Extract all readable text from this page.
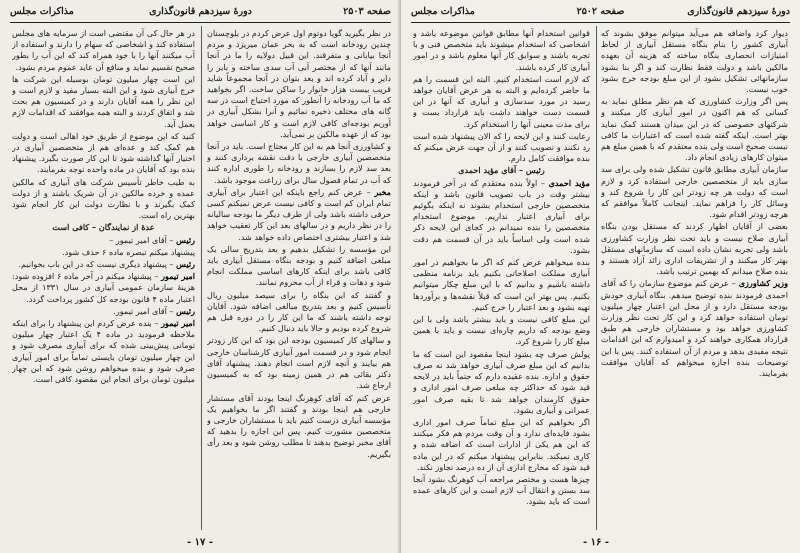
صفحه ۲۵۰۳
دورهٔ سیزدهم قانون‌گذاری
مذاکرات مجلس

در نظر بگیرید گویا دوتوم اول عرض کردم در بلوچستان چندین رودخانه است که به بحر عمان میریزد و مردم آنجا بیابانی و متفرقند. این قبیل دولایه را ما در آنجا مانند آنها که از مختصر آبی آب سدی ساخته و بایر را دایر و آباد کرده اند و بعد بتوان در آنجا مجموعاً شاید قریب بیست هزار خانوار را ساکن ساخت. اگر بخواهید که ما آب رودخانه را آنطور که مورد احتیاج است در سه گانه های مختلف ذخیره نمائیم و آنرا بشکل آبیاری در آوریم بودجه‌ای کافی لازم است و کار اساسی خواهد بود که از عهده مالکین بر نمی‌آید.

و کشاورزی آنجا هم به این کار محتاج است. باید در آنجا متخصصین آبیاری خارجی با دقت نقشه برداری کنند و بعد سد لازم را بسازند و رودخانه را طوری اداره کنند که آب در تمام فصول سال برای زراعت موجود باشد.

مخبر – عرض کنم راجع باینکه این اعتبار برای آبیاری تمام ایران کم است و کافی نیست عرض نمیکنم کسی حرفی داشته باشد ولی از طرف دیگر ما بودجه سالیانه را در نظر داریم و در سالهای بعد این کار تعقیب خواهد شد و اعتبار بیشتری اختصاص داده خواهد شد.

این مؤسسه را تشکیل بدهیم و بعد بتدریج سالی یک مبلغی اضافه کنیم و بودجه بنگاه مستقل آبیاری باید کافی باشد برای اینکه کارهای اساسی مملکت انجام شود و دهات و قراء از آب محروم نمانند.

و گفتند که این بنگاه را برای سیصد میلیون ریال تأسیس کنیم و بعد بتدریج مبالغی اضافه شود. آقایان توجه داشته باشند که ما این کار را در دوره قبل هم شروع کرده بودیم و حالا باید دنبال کنیم.

و سالهای کار کمیسیون بودجه این بود که این کار زودتر انجام شود و در قسمت امور آبیاری کارشناسان خارجی هم بیایند و آنچه لازم است انجام دهند. پیشنهاد آقای دکتر بقائی هم در همین زمینه بود که به کمیسیون ارجاع شد.

عرض کنم که آقای کوهرنگ اینجا بودند آقای مستشار خارجی هم اینجا بودند و گفتند اگر ما بخواهیم یک مؤسسه آبیاری درست کنیم باید با مستشاران خارجی و متخصصین مشورت کنیم. پس این اجازه را بدهید که آقای مخبر توضیح بدهند تا مطلب روشن شود و بعد رأی بگیریم.

در هر حال کی آن مقتضی است از سرمایه های مجلس استفاده کند و اشخاصی که سهام را دارند و استفاده از آب میکنند آنها را با خود همراه کند که این آب را بطور صحیح تقسیم نماید و منافع آن عاید عموم مردم بشود.

این است چهار میلیون تومان بوسیله این شرکت ها خرج آبیاری شود و این البته بسیار مفید و لازم است و این نظر را همه آقایان دارند و در کمیسیون هم بحث شد و اتفاق کردند و البته همه موافقند که اقدامات لازم بعمل آید.

کنید که این موضوع از طریق خود اهالی است و دولت هم کمک کند و عده‌ای هم از متخصصین آبیاری در اختیار آنها گذاشته شود تا این کار صورت بگیرد. پیشنهاد بنده بود که آقایان در ماده واحده توجه بفرمایند.

به طیب خاطر تأسیس شرکت های آبیاری که مالکین عمده و خرده مالکین در آن شریک باشند و از دولت کمک بگیرند و با نظارت دولت این کار انجام شود بهترین راه است.

عدهٔ از نمایندگان – کافی است

رئیس – آقای امیر تیمور –

پیشنهاد میکنم تبصره ماده ۶ حذف شود.

رئیس – پیشنهاد دیگری نیست که در این باب بخوانیم.

امیر تیمور – پیشنهاد میکنم در آخر ماده ۶ افزوده شود: هزینهٔ سازمان عمومی آبیاری در سال ۱۳۳۱ از محل اعتبار ماده ۴ قانون بودجه کل کشور پرداخت گردد.

رئیس – آقای امیر تیمور.

امیر تیمور – بنده عرض کردم این پیشنهاد را برای اینکه ملاحظه فرمودید در ماده ۴ یک اعتبار چهار میلیون تومانی پیش‌بینی شده که برای آبیاری مصرف شود و این چهار میلیون تومان بایستی تماماً برای امور آبیاری صرف شود و بنده میخواهم روشن شود که این چهار میلیون تومان برای انجام این مقصود کافی است.

- ۱۷ -
دورهٔ سیزدهم قانون‌گذاری
صفحه ۲۵۰۲
مذاکرات مجلس

دیوار کرد واضافه هم می‌آید میتوانم موفق بشوند که آبیاری کشور را بنام بنگاه مستقل آبیاری از لحاظ امتیازات انحصاری بنگاه ساخته که هزینه آن بعهده مالکین باشد و دولت فقط نظارت کند و اگر بنا بشود سازمانهائی تشکیل بشود از این مبلغ بودجه خرج بشود خوب نیست.

پس اگر وزارت کشاورزی که هم نظر مطلق نماید به کسانی که هم اکنون در امور آبیاری کار میکنند و شرکتهای خصوصی که در این میدان هستند کمک نماید بهتر است. اینکه گفته شده است که اعتبارات ما کافی نیست صحیح است ولی بنده معتقدم که با همین مبلغ هم میتوان کارهای زیادی انجام داد.

سازمان آبیاری مطابق قانون تشکیل شده ولی برای سد سازی باید از متخصصین خارجی استفاده کرد و لازم است که دولت هر چه زودتر این کار را شروع کند و وسائل کار را فراهم نماید. اینجانب کاملاً موافقم که هرچه زودتر اقدام شود.

بعضی از آقایان اظهار کردند که مستقل بودن بنگاه آبیاری صلاح نیست و باید تحت نظر وزارت کشاورزی باشد ولی تجربه نشان داده است که سازمانهای مستقل بهتر کار میکنند و از تشریفات اداری زائد آزاد هستند و بنده صلاح میدانم که بهمین ترتیب باشد.

وزیر کشاورزی – عرض کنم موضوع سازمان را که آقای احمدی فرمودند بنده توضیح میدهم. بنگاه آبیاری خودش بودجه مستقل دارد و از محل این اعتبار چهار میلیون تومان استفاده خواهد کرد و این کار تحت نظر وزارت کشاورزی خواهد بود و مستشاران خارجی هم طبق قرارداد همکاری خواهند کرد و امیدوارم که این اقدامات نتیجه مفیدی بدهد و مردم از آن استفاده کنند. پس با این توضیحات بنده اجازه میخواهم که آقایان موافقت بفرمایند.

قوانین استخدام آنها مطابق قوانین موضوعه باشد و اشخاصی که استخدام میشوند باید متخصص فنی و با تجربه باشند و سوابق کار آنها معلوم باشد و در امور آبیاری کار کرده باشند.

که لازم است استخدام کنیم. البته این قسمت را هم ما حاضر کرده‌ایم و البته به هر عرض آقایان خواهد رسید در مورد سدسازی و آبیاری که آنها در این قسمت دست خواهند داشت باید قرارداد بست و برای مدت معینی آنها را استخدام کرد.

رعایت کنند و این لایحه را که الان پیشنهاد شده است رد نکنند و تصویب کنند و از آن جهت عرض میکنم که بنده موافقت کامل دارم.

رئیس – آقای مؤید احمدی

مؤید احمدی – اولاً بنده معتقدم که در آخر فرمودند بیشتر وقت در باب تصویب قانون باشد و اینکه متخصصین خارجی استخدام بشوند نه اینکه بگوئیم برای آبیاری اعتبار نداریم. موضوع استخدام متخصصین را بنده نمیدانم در کجای این لایحه ذکر شده است ولی اساساً باید در آن قسمت هم دقت بشود.

بنده میخواهم عرض کنم که اگر ما بخواهیم در امور آبیاری مملکت اصلاحاتی بکنیم باید برنامه منظمی داشته باشیم و بدانیم که با این مبلغ چکار میتوانیم بکنیم. پس بهتر این است که قبلاً نقشه‌ها و برآوردها تهیه بشود و بعد اعتبار را خرج کنیم.

این مبلغ کافی نیست و باید بیشتر باشد ولی با این وضع بودجه که داریم چاره‌ای نیست و باید با همین مبلغ کار را شروع کرد.

پولش صرف چه بشود اینجا مقصود این است که ما بدانیم که این مبلغ صرف آبیاری خواهد شد نه صرف حقوق و اداره. بنده عقیده دارم که حتماً باید در لایحه قید شود که حداکثر چه مبلغی صرف امور اداری و حقوق کارمندان خواهد شد تا بقیه صرف امور عمرانی و آبیاری بشود.

اگر بخواهیم که این مبلغ تماماً صرف امور اداری بشود فایده‌ای ندارد و آن وقت مردم هم فکر میکنند که این هم یکی از ادارات است که اضافه شده و کاری نمیکند. بنابراین پیشنهاد میکنم که در این ماده قید شود که مخارج اداری آن از ده درصد تجاوز نکند.

چیزها هست و مختصر مراجعه آب کوهرنگ بشود آنجا سد بستن و انتقال آب لازم است و این کارهای عمده است که باید بشود.

- ۱۶ -
